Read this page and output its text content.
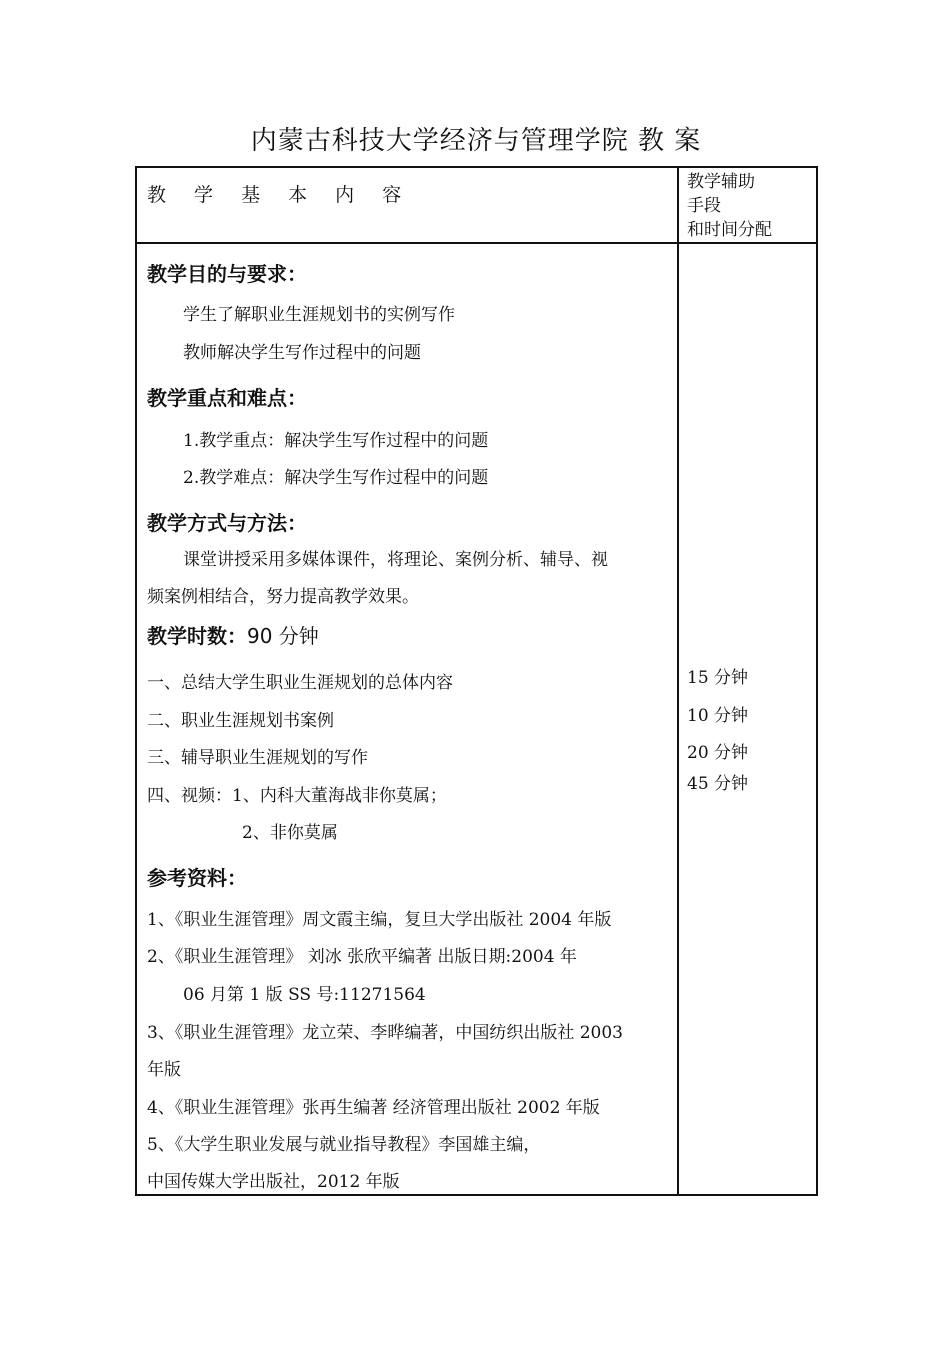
内蒙古科技大学经济与管理学院 教 案
教 学 基 本 内 容
教学辅助
手段
和时间分配
教学目的与要求：
学生了解职业生涯规划书的实例写作
教师解决学生写作过程中的问题
教学重点和难点：
1.教学重点：解决学生写作过程中的问题
2.教学难点：解决学生写作过程中的问题
教学方式与方法：
课堂讲授采用多媒体课件，将理论、案例分析、辅导、视
频案例相结合，努力提高教学效果。
教学时数：90 分钟
一、总结大学生职业生涯规划的总体内容
二、职业生涯规划书案例
三、辅导职业生涯规划的写作
四、视频：1、内科大董海战非你莫属；
2、非你莫属
15 分钟
10 分钟
20 分钟
45 分钟
参考资料：
1、《职业生涯管理》周文霞主编，复旦大学出版社 2004 年版
2、《职业生涯管理》 刘冰 张欣平编著 出版日期:2004 年
06 月第 1 版 SS 号:11271564
3、《职业生涯管理》龙立荣、李晔编著，中国纺织出版社 2003
年版
4、《职业生涯管理》张再生编著 经济管理出版社 2002 年版
5、《大学生职业发展与就业指导教程》李国雄主编，
中国传媒大学出版社，2012 年版
